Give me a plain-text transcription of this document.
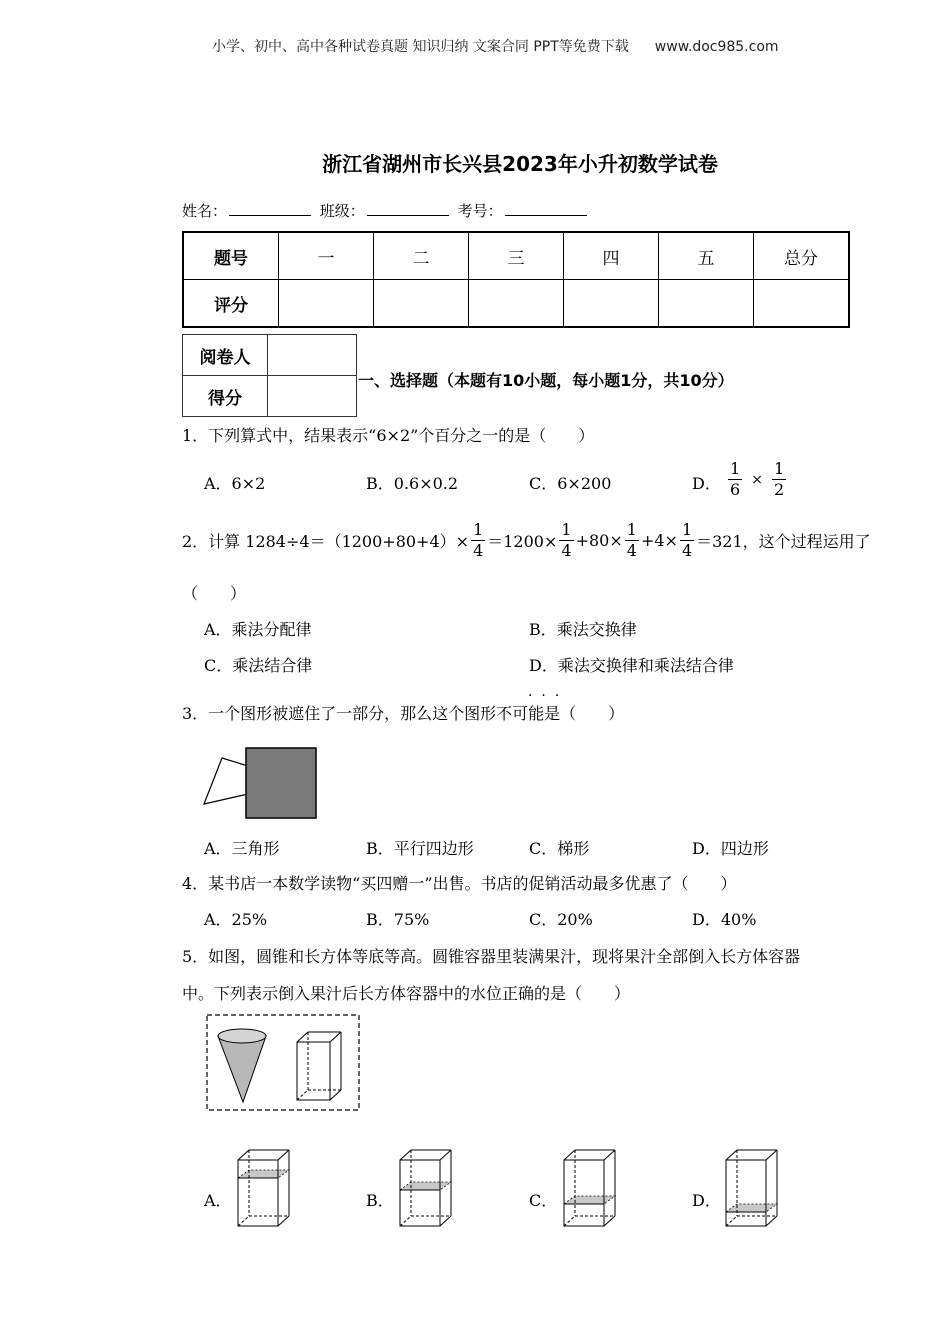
小学、初中、高中各种试卷真题 知识归纳 文案合同 PPT等免费下载 www.doc985.com
浙江省湖州市长兴县2023年小升初数学试卷
姓名：	班级：	考号：
题号	一	二	三	四	五	总分
评分						
阅卷人	
得分	
一、选择题（本题有10小题，每小题1分，共10分）
1．下列算式中，结果表示“6×2”个百分之一的是（　　）
A．6×2	B．0.6×0.2	C．6×200	D． $\frac{1}{6} \times \frac{1}{2}$
2．计算 $1284\div 4=(1200+80+4)\times \frac{1}{4} =1200\times \frac{1}{4} +80\times \frac{1}{4} +4\times \frac{1}{4} =321$，这个过程运用了
（　　）
A．乘法分配律	B．乘法交换律
C．乘法结合律	D．乘法交换律和乘法结合律
·  ·  ·
3．一个图形被遮住了一部分，那么这个图形不可能是（　　）
A．三角形	B．平行四边形	C．梯形	D．四边形
4．某书店一本数学读物“买四赠一”出售。书店的促销活动最多优惠了（　　）
A．25%	B．75%	C．20%	D．40%
5．如图，圆锥和长方体等底等高。圆锥容器里装满果汁，现将果汁全部倒入长方体容器
中。下列表示倒入果汁后长方体容器中的水位正确的是（　　）
A．	B．	C．	D．
